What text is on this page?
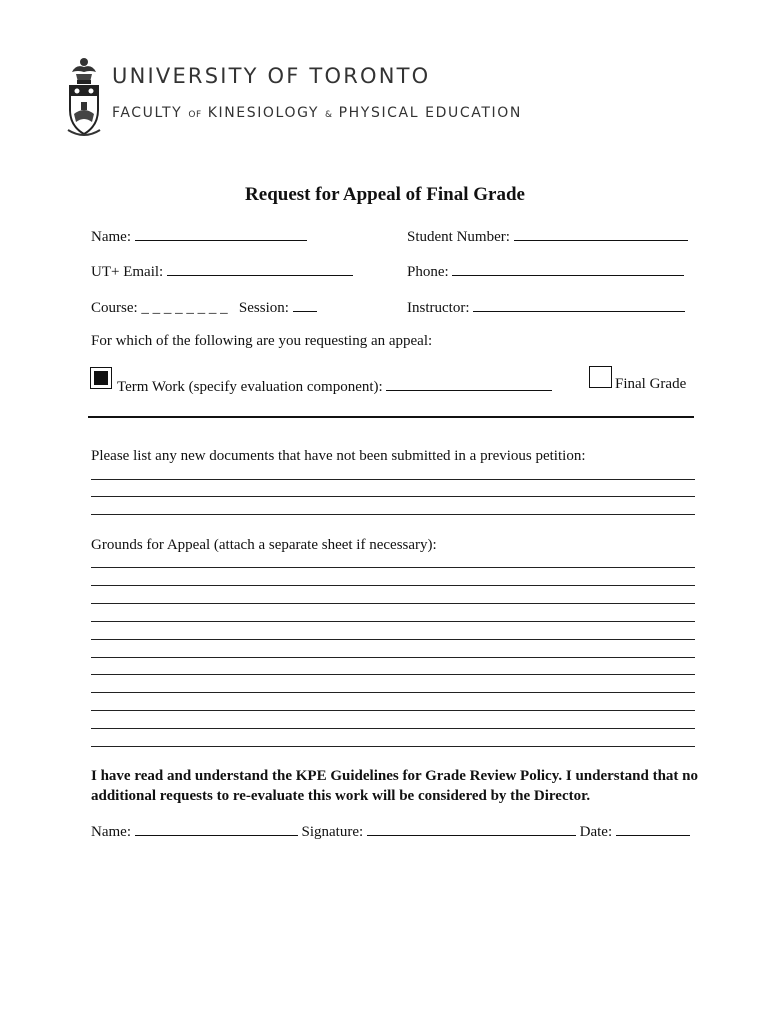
UNIVERSITY OF TORONTO
FACULTY OF KINESIOLOGY & PHYSICAL EDUCATION
Request for Appeal of Final Grade
Name:	Student Number:
UT+ Email:	Phone:
Course: _ _ _ _ _ _ _ _ Session:	Instructor:
For which of the following are you requesting an appeal:
Term Work (specify evaluation component):	Final Grade
Please list any new documents that have not been submitted in a previous petition:
Grounds for Appeal (attach a separate sheet if necessary):
I have read and understand the KPE Guidelines for Grade Review Policy. I understand that no additional requests to re-evaluate this work will be considered by the Director.
Name:	Signature:	Date:
